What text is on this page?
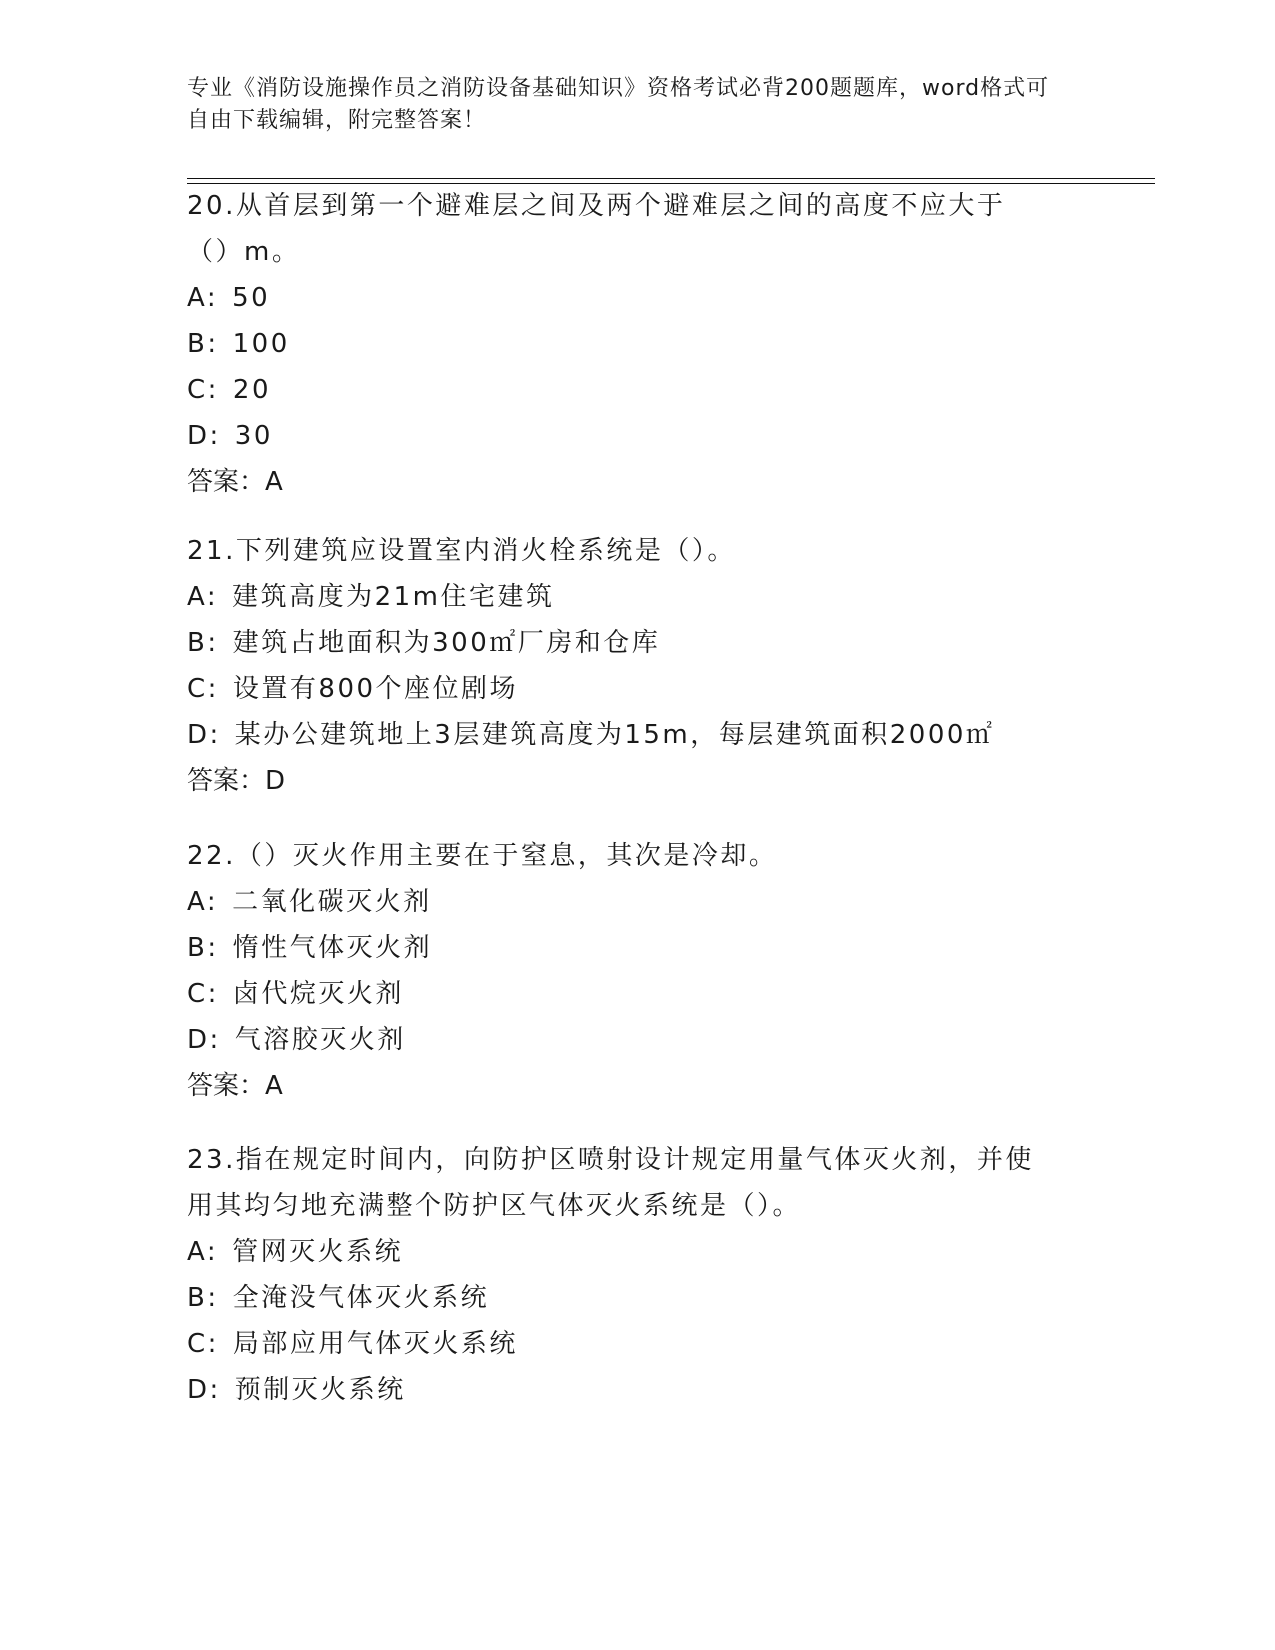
专业《消防设施操作员之消防设备基础知识》资格考试必背200题题库，word格式可自由下载编辑，附完整答案！

20.从首层到第一个避难层之间及两个避难层之间的高度不应大于（）m。

A: 50

B: 100

C: 20

D: 30

答案：A

21.下列建筑应设置室内消火栓系统是（）。

A: 建筑高度为21m住宅建筑

B: 建筑占地面积为300㎡厂房和仓库

C: 设置有800个座位剧场

D: 某办公建筑地上3层建筑高度为15m，每层建筑面积2000㎡

答案：D

22.（）灭火作用主要在于窒息，其次是冷却。

A: 二氧化碳灭火剂

B: 惰性气体灭火剂

C: 卤代烷灭火剂

D: 气溶胶灭火剂

答案：A

23.指在规定时间内，向防护区喷射设计规定用量气体灭火剂，并使用其均匀地充满整个防护区气体灭火系统是（）。

A: 管网灭火系统

B: 全淹没气体灭火系统

C: 局部应用气体灭火系统

D: 预制灭火系统
